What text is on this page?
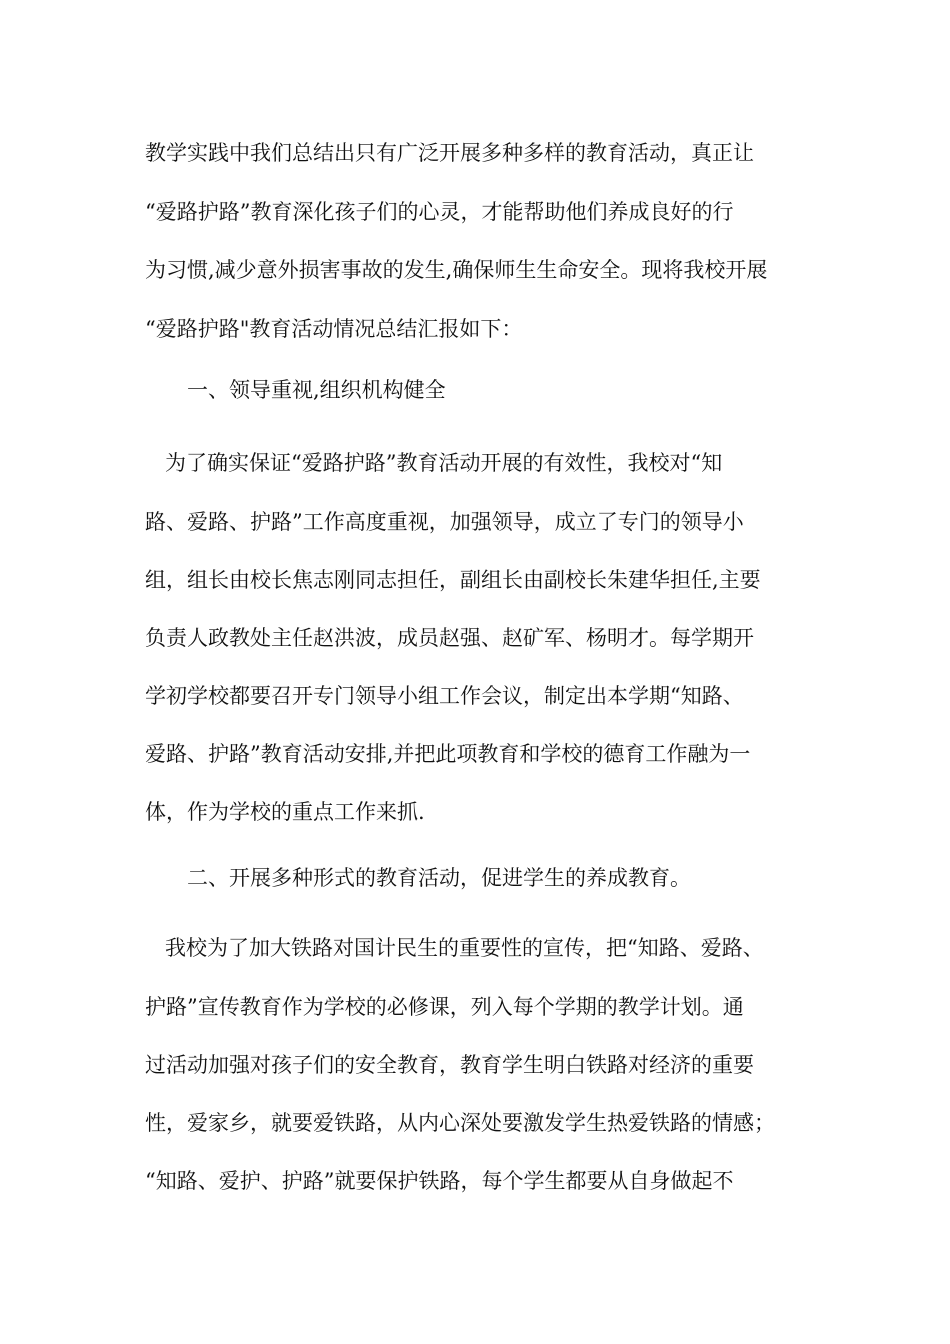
教学实践中我们总结出只有广泛开展多种多样的教育活动，真正让

“爱路护路”教育深化孩子们的心灵，才能帮助他们养成良好的行

为习惯,减少意外损害事故的发生,确保师生生命安全。现将我校开展

“爱路护路"教育活动情况总结汇报如下：

一、领导重视,组织机构健全

为了确实保证“爱路护路”教育活动开展的有效性，我校对“知

路、爱路、护路”工作高度重视，加强领导，成立了专门的领导小

组，组长由校长焦志刚同志担任，副组长由副校长朱建华担任,主要

负责人政教处主任赵洪波，成员赵强、赵矿军、杨明才。每学期开

学初学校都要召开专门领导小组工作会议，制定出本学期“知路、

爱路、护路”教育活动安排,并把此项教育和学校的德育工作融为一

体，作为学校的重点工作来抓.

二、开展多种形式的教育活动，促进学生的养成教育。

我校为了加大铁路对国计民生的重要性的宣传，把“知路、爱路、

护路”宣传教育作为学校的必修课，列入每个学期的教学计划。通

过活动加强对孩子们的安全教育，教育学生明白铁路对经济的重要

性，爱家乡，就要爱铁路，从内心深处要激发学生热爱铁路的情感；

“知路、爱护、护路”就要保护铁路，每个学生都要从自身做起不
